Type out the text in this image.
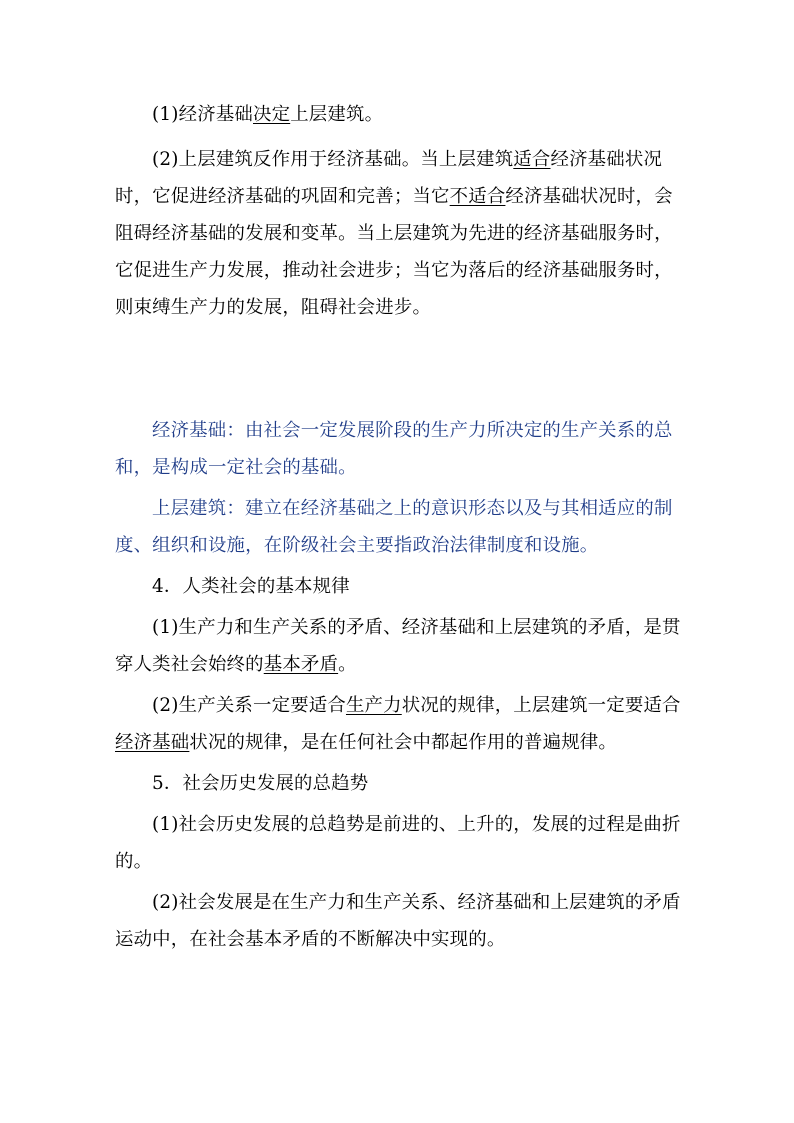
(1)经济基础决定上层建筑。

(2)上层建筑反作用于经济基础。当上层建筑适合经济基础状况时，它促进经济基础的巩固和完善；当它不适合经济基础状况时，会阻碍经济基础的发展和变革。当上层建筑为先进的经济基础服务时，它促进生产力发展，推动社会进步；当它为落后的经济基础服务时，则束缚生产力的发展，阻碍社会进步。

经济基础：由社会一定发展阶段的生产力所决定的生产关系的总和，是构成一定社会的基础。

上层建筑：建立在经济基础之上的意识形态以及与其相适应的制度、组织和设施，在阶级社会主要指政治法律制度和设施。

4．人类社会的基本规律

(1)生产力和生产关系的矛盾、经济基础和上层建筑的矛盾，是贯穿人类社会始终的基本矛盾。

(2)生产关系一定要适合生产力状况的规律，上层建筑一定要适合经济基础状况的规律，是在任何社会中都起作用的普遍规律。

5．社会历史发展的总趋势

(1)社会历史发展的总趋势是前进的、上升的，发展的过程是曲折的。

(2)社会发展是在生产力和生产关系、经济基础和上层建筑的矛盾运动中，在社会基本矛盾的不断解决中实现的。
